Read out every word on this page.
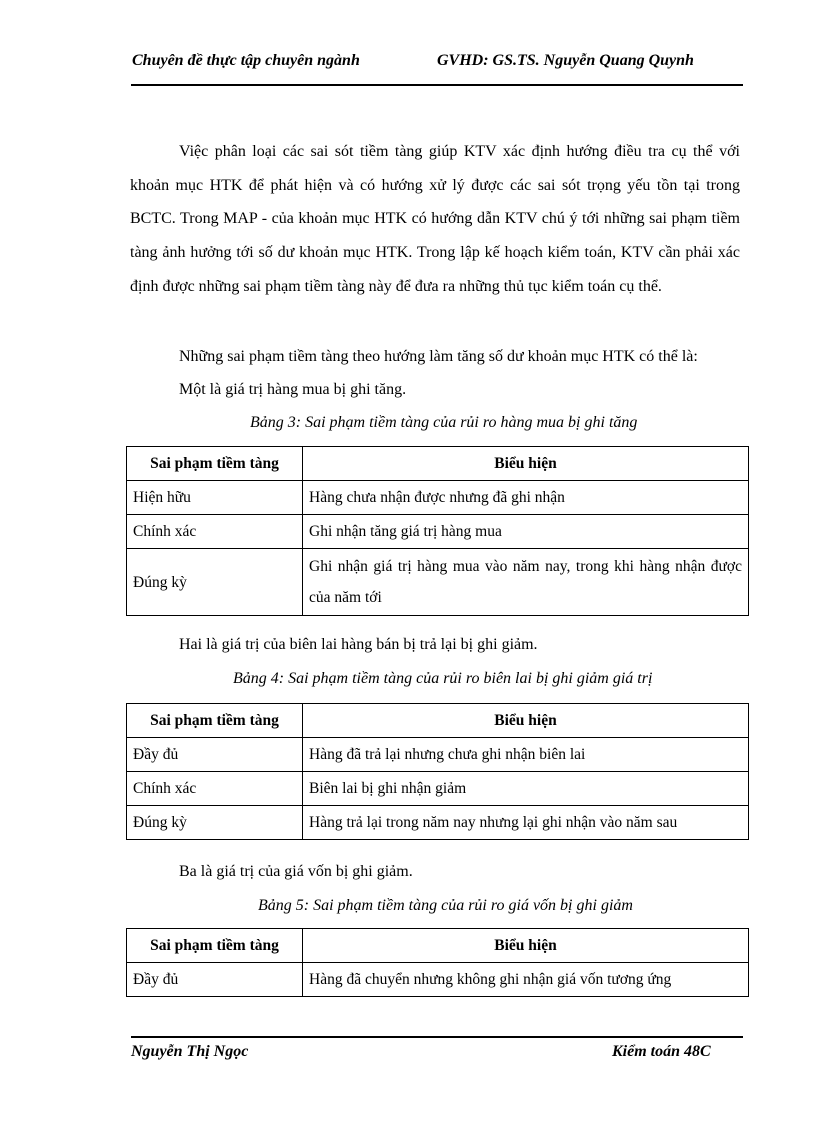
Chuyên đề thực tập chuyên ngành	GVHD: GS.TS. Nguyễn Quang Quynh
Việc phân loại các sai sót tiềm tàng giúp KTV xác định hướng điều tra cụ thể với khoản mục HTK để phát hiện và có hướng xử lý được các sai sót trọng yếu tồn tại trong BCTC. Trong MAP - của khoản mục HTK có hướng dẫn KTV chú ý tới những sai phạm tiềm tàng ảnh hưởng tới số dư khoản mục HTK. Trong lập kế hoạch kiểm toán, KTV cần phải xác định được những sai phạm tiềm tàng này để đưa ra những thủ tục kiểm toán cụ thể.
Những sai phạm tiềm tàng theo hướng làm tăng số dư khoản mục HTK có thể là:
Một là giá trị hàng mua bị ghi tăng.
Bảng 3: Sai phạm tiềm tàng của rủi ro hàng mua bị ghi tăng
Sai phạm tiềm tàng	Biểu hiện
Hiện hữu	Hàng chưa nhận được nhưng đã ghi nhận
Chính xác	Ghi nhận tăng giá trị hàng mua
Đúng kỳ	Ghi nhận giá trị hàng mua vào năm nay, trong khi hàng nhận được của năm tới
Hai là giá trị của biên lai hàng bán bị trả lại bị ghi giảm.
Bảng 4: Sai phạm tiềm tàng của rủi ro biên lai bị ghi giảm giá trị
Sai phạm tiềm tàng	Biểu hiện
Đầy đủ	Hàng đã trả lại nhưng chưa ghi nhận biên lai
Chính xác	Biên lai bị ghi nhận giảm
Đúng kỳ	Hàng trả lại trong năm nay nhưng lại ghi nhận vào năm sau
Ba là giá trị của giá vốn bị ghi giảm.
Bảng 5: Sai phạm tiềm tàng của rủi ro giá vốn bị ghi giảm
Sai phạm tiềm tàng	Biểu hiện
Đầy đủ	Hàng đã chuyển nhưng không ghi nhận giá vốn tương ứng
Nguyễn Thị Ngọc	Kiểm toán 48C
